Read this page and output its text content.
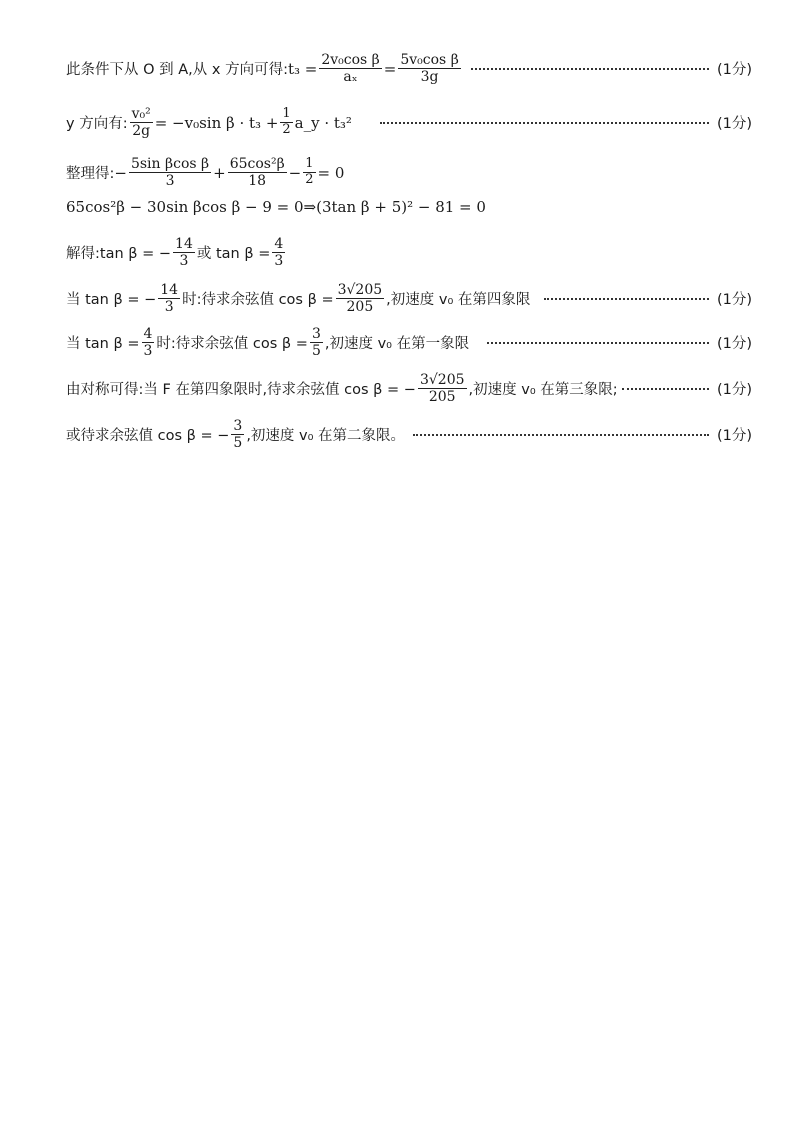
此条件下从 O 到 A,从 x 方向可得: $t_3 = \frac{\text{2v₀cos β}}{\text{aₓ}} = \frac{\text{5v₀cos β}}{3g}$	(1分)
y 方向有: $\frac{\text{v₀²}}{2g} = -v_0\sin$ $\beta \cdot t_3 + \frac{1}{2}$ a_y · t₃²	(1分)
整理得: − $\frac{\text{5sin βcos β}}{3} + \frac{\text{65cos²β}}{18} - \frac{1}{2} = 0$
65cos²β − 30sin βcos β − 9 = 0⇒(3tan β + 5)² − 81 = 0
解得:tan β = − $\frac{14}{3}$ 或 $\tan \beta = \frac{4}{3}$
当 tan β = − $\frac{14}{3}$ 时:待求余弦值 $\cos \beta = \frac{3√205}{205}$ ,初速度 v₀ 在第四象限	(1分)
当 $\tan \beta = \frac{4}{3}$ 时:待求余弦值 $\cos \beta = \frac{3}{5}$ ,初速度 v₀ 在第一象限	(1分)
由对称可得:当 F 在第四象限时,待求余弦值 cos β = − $\frac{3√205}{205}$ ,初速度 v₀ 在第三象限;	(1分)
或待求余弦值 cos β = − $\frac{3}{5}$ ,初速度 v₀ 在第二象限。	(1分)
